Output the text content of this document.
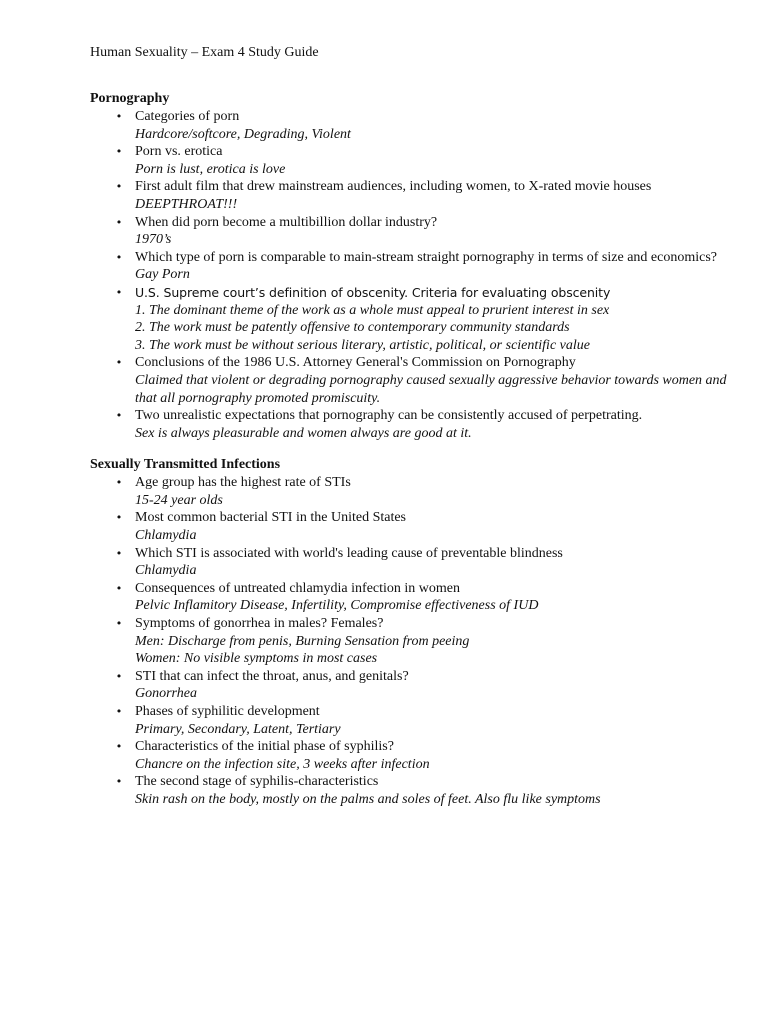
Human Sexuality – Exam 4 Study Guide

Pornography

• Categories of porn
Hardcore/softcore, Degrading, Violent
• Porn vs. erotica
Porn is lust, erotica is love
• First adult film that drew mainstream audiences, including women, to X-rated movie houses
DEEPTHROAT!!!
• When did porn become a multibillion dollar industry?
1970’s
• Which type of porn is comparable to main-stream straight pornography in terms of size and economics?
Gay Porn
• U.S. Supreme court’s definition of obscenity. Criteria for evaluating obscenity
1. The dominant theme of the work as a whole must appeal to prurient interest in sex
2. The work must be patently offensive to contemporary community standards
3. The work must be without serious literary, artistic, political, or scientific value
• Conclusions of the 1986 U.S. Attorney General's Commission on Pornography
Claimed that violent or degrading pornography caused sexually aggressive behavior towards women and that all pornography promoted promiscuity.
• Two unrealistic expectations that pornography can be consistently accused of perpetrating.
Sex is always pleasurable and women always are good at it.

Sexually Transmitted Infections

• Age group has the highest rate of STIs
15-24 year olds
• Most common bacterial STI in the United States
Chlamydia
• Which STI is associated with world's leading cause of preventable blindness
Chlamydia
• Consequences of untreated chlamydia infection in women
Pelvic Inflamitory Disease, Infertility, Compromise effectiveness of IUD
• Symptoms of gonorrhea in males? Females?
Men: Discharge from penis, Burning Sensation from peeing
Women: No visible symptoms in most cases
• STI that can infect the throat, anus, and genitals?
Gonorrhea
• Phases of syphilitic development
Primary, Secondary, Latent, Tertiary
• Characteristics of the initial phase of syphilis?
Chancre on the infection site, 3 weeks after infection
• The second stage of syphilis-characteristics
Skin rash on the body, mostly on the palms and soles of feet. Also flu like symptoms
